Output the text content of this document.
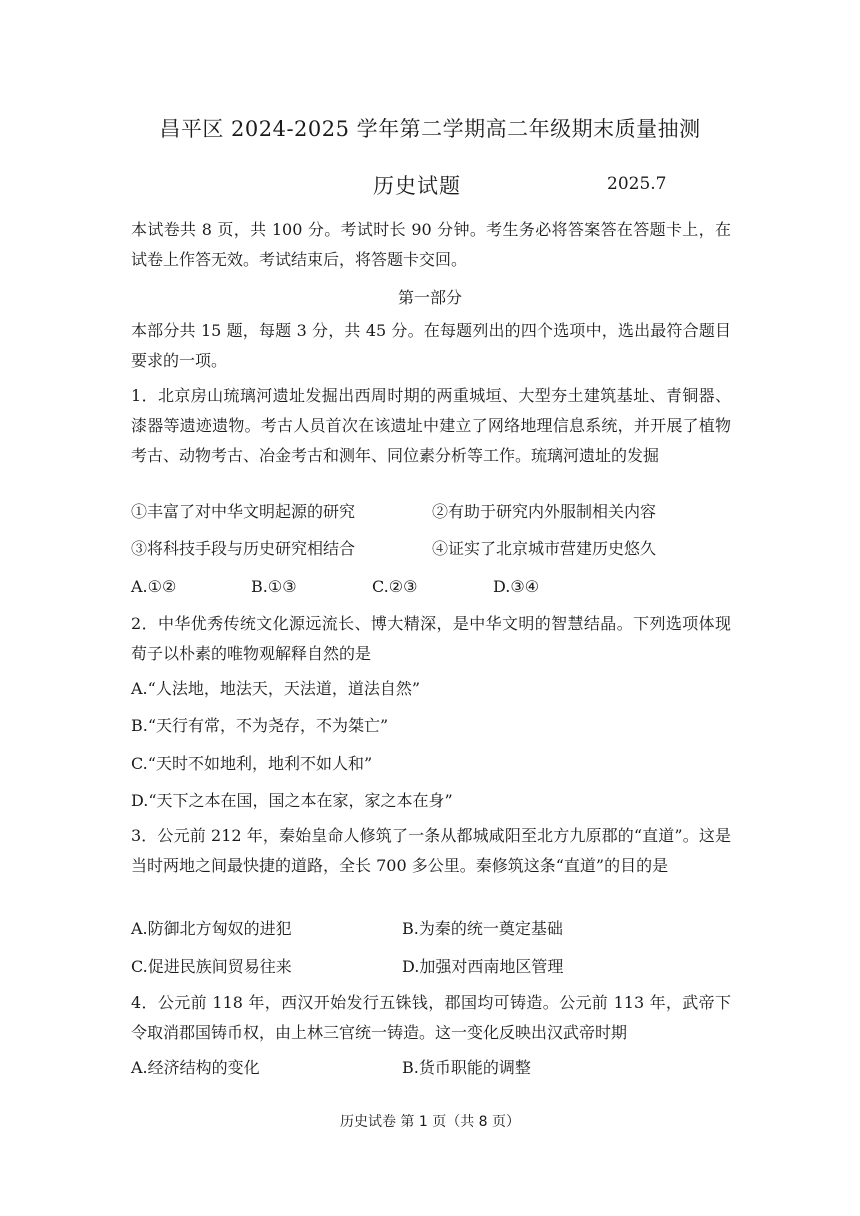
昌平区 2024-2025 学年第二学期高二年级期末质量抽测
历史试题	2025.7
本试卷共 8 页，共 100 分。考试时长 90 分钟。考生务必将答案答在答题卡上，在试卷上作答无效。考试结束后，将答题卡交回。
第一部分
本部分共 15 题，每题 3 分，共 45 分。在每题列出的四个选项中，选出最符合题目要求的一项。
1．北京房山琉璃河遗址发掘出西周时期的两重城垣、大型夯土建筑基址、青铜器、漆器等遗迹遗物。考古人员首次在该遗址中建立了网络地理信息系统，并开展了植物考古、动物考古、冶金考古和测年、同位素分析等工作。琉璃河遗址的发掘
①丰富了对中华文明起源的研究	②有助于研究内外服制相关内容
③将科技手段与历史研究相结合	④证实了北京城市营建历史悠久
A.①②	B.①③	C.②③	D.③④
2．中华优秀传统文化源远流长、博大精深，是中华文明的智慧结晶。下列选项体现荀子以朴素的唯物观解释自然的是
A.“人法地，地法天，天法道，道法自然”
B.“天行有常，不为尧存，不为桀亡”
C.“天时不如地利，地利不如人和”
D.“天下之本在国，国之本在家，家之本在身”
3．公元前 212 年，秦始皇命人修筑了一条从都城咸阳至北方九原郡的“直道”。这是当时两地之间最快捷的道路，全长 700 多公里。秦修筑这条“直道”的目的是
A.防御北方匈奴的进犯	B.为秦的统一奠定基础
C.促进民族间贸易往来	D.加强对西南地区管理
4．公元前 118 年，西汉开始发行五铢钱，郡国均可铸造。公元前 113 年，武帝下令取消郡国铸币权，由上林三官统一铸造。这一变化反映出汉武帝时期
A.经济结构的变化	B.货币职能的调整
历史试卷 第 1 页（共 8 页）
